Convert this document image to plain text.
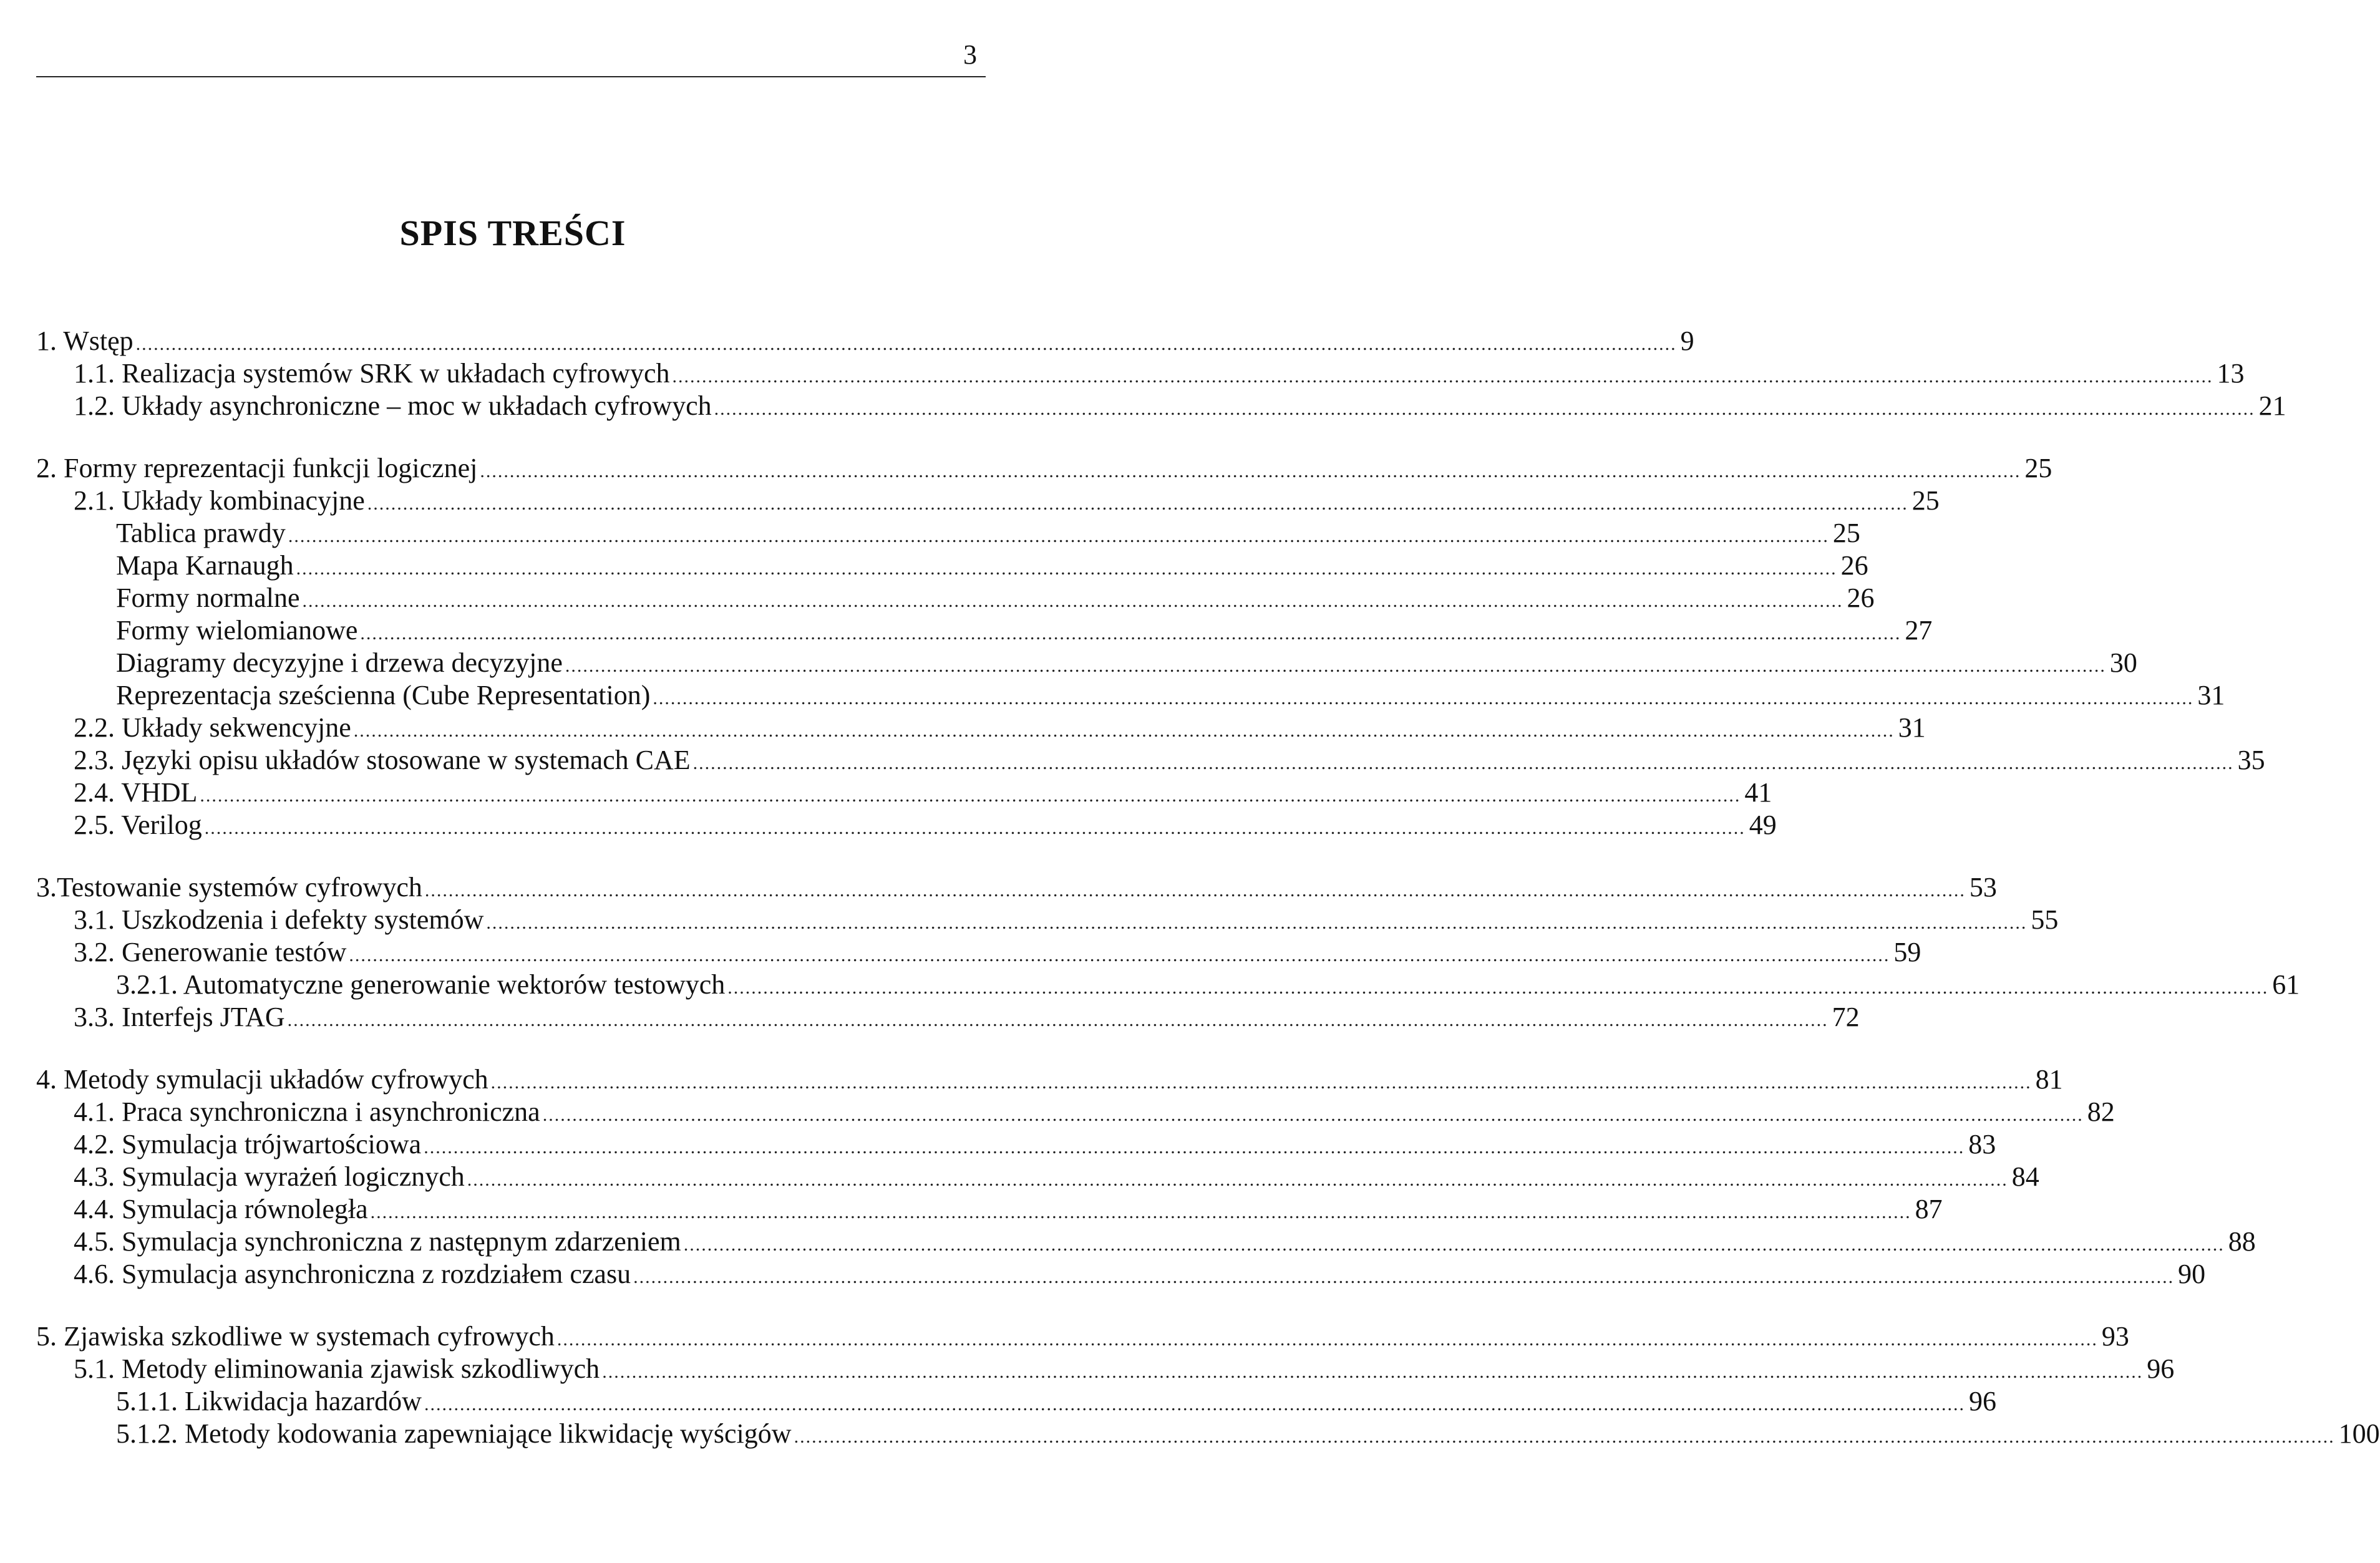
3
SPIS TREŚCI
1. Wstęp .................................................................................................................................................................................................................................................................... 9
1.1. Realizacja systemów SRK w układach cyfrowych .................................................................................................................................................................................................................................................................... 13
1.2. Układy asynchroniczne – moc w układach cyfrowych .................................................................................................................................................................................................................................................................... 21
2. Formy reprezentacji funkcji logicznej .................................................................................................................................................................................................................................................................... 25
2.1. Układy kombinacyjne .................................................................................................................................................................................................................................................................... 25
Tablica prawdy .................................................................................................................................................................................................................................................................... 25
Mapa Karnaugh .................................................................................................................................................................................................................................................................... 26
Formy normalne .................................................................................................................................................................................................................................................................... 26
Formy wielomianowe .................................................................................................................................................................................................................................................................... 27
Diagramy decyzyjne i drzewa decyzyjne .................................................................................................................................................................................................................................................................... 30
Reprezentacja sześcienna (Cube Representation) .................................................................................................................................................................................................................................................................... 31
2.2. Układy sekwencyjne .................................................................................................................................................................................................................................................................... 31
2.3. Języki opisu układów stosowane w systemach CAE .................................................................................................................................................................................................................................................................... 35
2.4. VHDL .................................................................................................................................................................................................................................................................... 41
2.5. Verilog .................................................................................................................................................................................................................................................................... 49
3.Testowanie systemów cyfrowych .................................................................................................................................................................................................................................................................... 53
3.1. Uszkodzenia i defekty systemów .................................................................................................................................................................................................................................................................... 55
3.2. Generowanie testów .................................................................................................................................................................................................................................................................... 59
3.2.1. Automatyczne generowanie wektorów testowych .................................................................................................................................................................................................................................................................... 61
3.3. Interfejs JTAG .................................................................................................................................................................................................................................................................... 72
4. Metody symulacji układów cyfrowych .................................................................................................................................................................................................................................................................... 81
4.1. Praca synchroniczna i asynchroniczna .................................................................................................................................................................................................................................................................... 82
4.2. Symulacja trójwartościowa .................................................................................................................................................................................................................................................................... 83
4.3. Symulacja wyrażeń logicznych .................................................................................................................................................................................................................................................................... 84
4.4. Symulacja równoległa .................................................................................................................................................................................................................................................................... 87
4.5. Symulacja synchroniczna z następnym zdarzeniem .................................................................................................................................................................................................................................................................... 88
4.6. Symulacja asynchroniczna z rozdziałem czasu .................................................................................................................................................................................................................................................................... 90
5. Zjawiska szkodliwe w systemach cyfrowych .................................................................................................................................................................................................................................................................... 93
5.1. Metody eliminowania zjawisk szkodliwych .................................................................................................................................................................................................................................................................... 96
5.1.1. Likwidacja hazardów .................................................................................................................................................................................................................................................................... 96
5.1.2. Metody kodowania zapewniające likwidację wyścigów .................................................................................................................................................................................................................................................................... 100
